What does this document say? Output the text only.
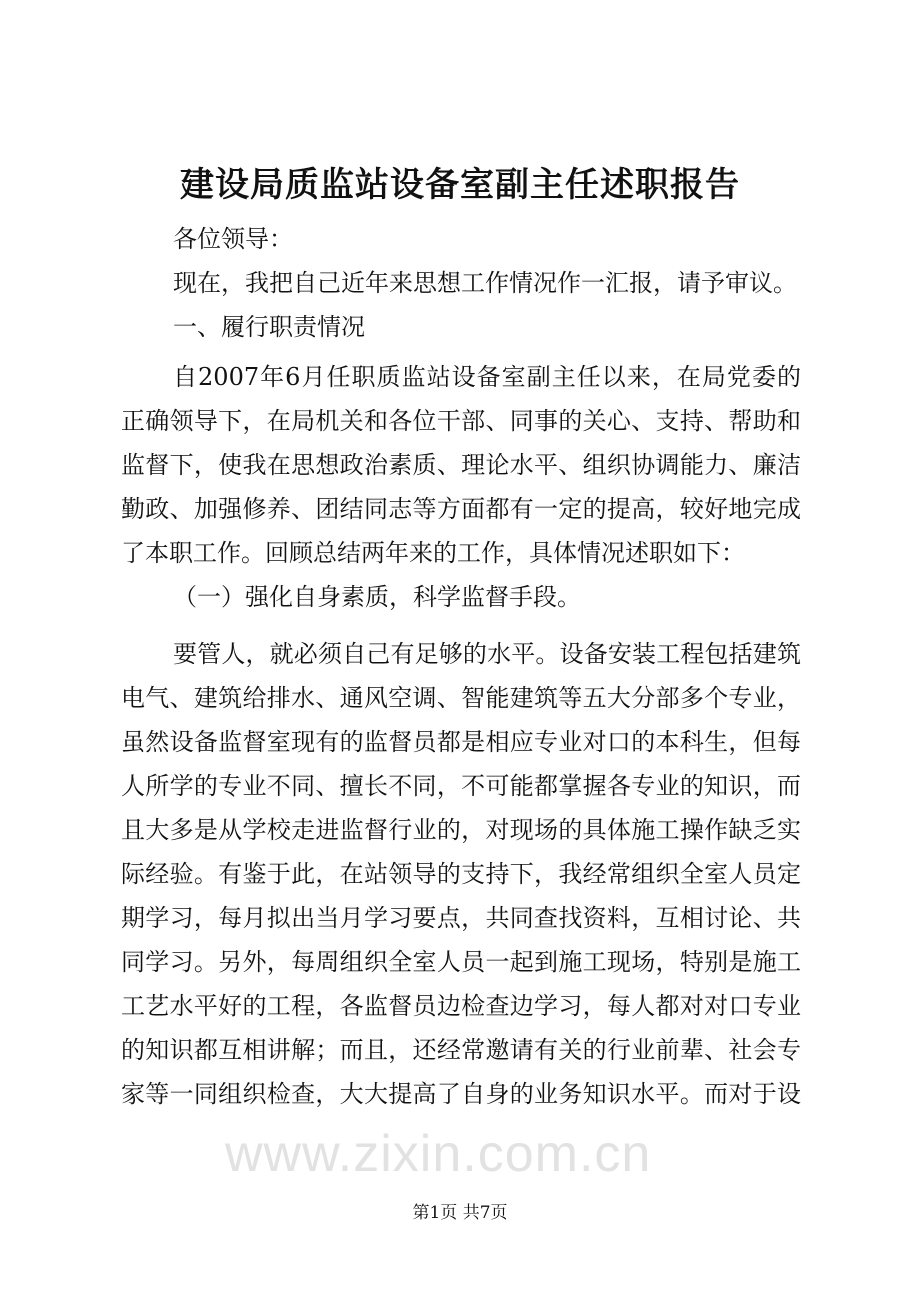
建设局质监站设备室副主任述职报告
各位领导：
现在，我把自己近年来思想工作情况作一汇报，请予审议。
一、履行职责情况
自2007年6月任职质监站设备室副主任以来，在局党委的
正确领导下，在局机关和各位干部、同事的关心、支持、帮助和
监督下，使我在思想政治素质、理论水平、组织协调能力、廉洁
勤政、加强修养、团结同志等方面都有一定的提高，较好地完成
了本职工作。回顾总结两年来的工作，具体情况述职如下：
（一）强化自身素质，科学监督手段。
要管人，就必须自己有足够的水平。设备安装工程包括建筑
电气、建筑给排水、通风空调、智能建筑等五大分部多个专业，
虽然设备监督室现有的监督员都是相应专业对口的本科生，但每
人所学的专业不同、擅长不同，不可能都掌握各专业的知识，而
且大多是从学校走进监督行业的，对现场的具体施工操作缺乏实
际经验。有鉴于此，在站领导的支持下，我经常组织全室人员定
期学习，每月拟出当月学习要点，共同查找资料，互相讨论、共
同学习。另外，每周组织全室人员一起到施工现场，特别是施工
工艺水平好的工程，各监督员边检查边学习，每人都对对口专业
的知识都互相讲解；而且，还经常邀请有关的行业前辈、社会专
家等一同组织检查，大大提高了自身的业务知识水平。而对于设
www.zixin.com.cn
第1页 共7页
